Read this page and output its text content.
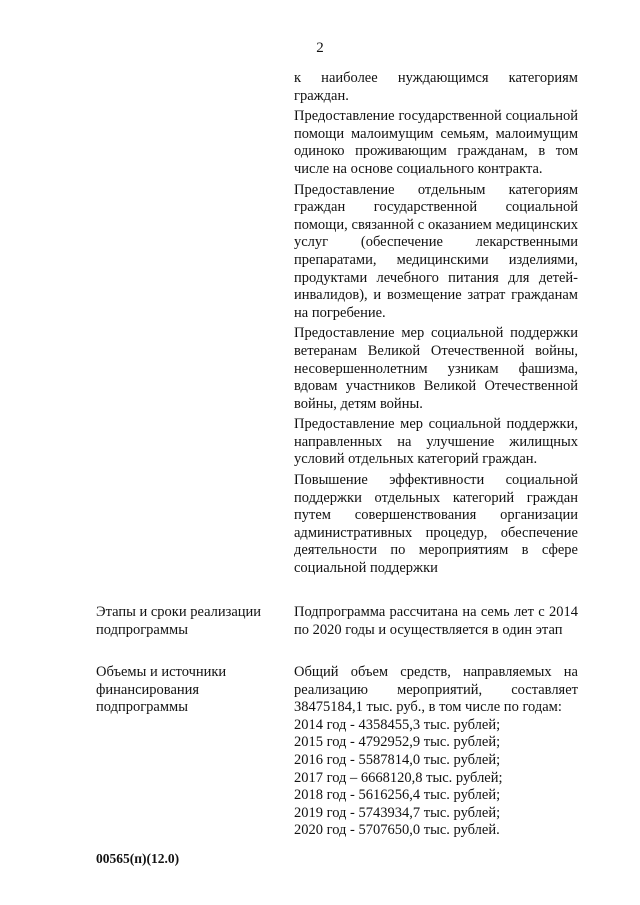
2

к наиболее нуждающимся категориям граждан.

Предоставление государственной социальной помощи малоимущим семьям, малоимущим одиноко проживающим гражданам, в том числе на основе социального контракта.

Предоставление отдельным категориям граждан государственной социальной помощи, связанной с оказанием медицинских услуг (обеспечение лекарственными препаратами, медицинскими изделиями, продуктами лечебного питания для детей-инвалидов), и возмещение затрат гражданам на погребение.

Предоставление мер социальной поддержки ветеранам Великой Отечественной войны, несовершеннолетним узникам фашизма, вдовам участников Великой Отечественной войны, детям войны.

Предоставление мер социальной поддержки, направленных на улучшение жилищных условий отдельных категорий граждан.

Повышение эффективности социальной поддержки отдельных категорий граждан путем совершенствования организации административных процедур, обеспечение деятельности по мероприятиям в сфере социальной поддержки

Этапы и сроки реализации подпрограммы
Подпрограмма рассчитана на семь лет с 2014 по 2020 годы и осуществляется в один этап
Объемы и источники финансирования подпрограммы
Общий объем средств, направляемых на реализацию мероприятий, составляет 38475184,1 тыс. руб., в том числе по годам:
2014 год - 4358455,3 тыс. рублей;
2015 год - 4792952,9 тыс. рублей;
2016 год - 5587814,0 тыс. рублей;
2017 год – 6668120,8 тыс. рублей;
2018 год - 5616256,4 тыс. рублей;
2019 год - 5743934,7 тыс. рублей;
2020 год - 5707650,0 тыс. рублей.
00565(п)(12.0)
